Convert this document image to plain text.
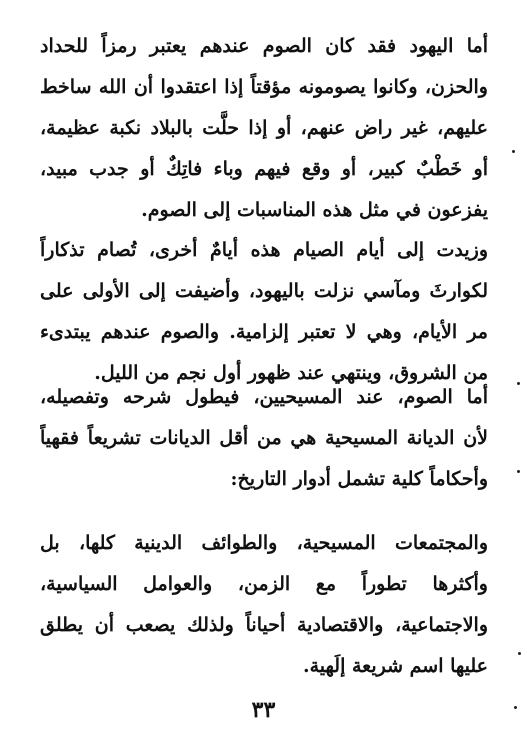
أما اليهود فقد كان الصوم عندهم يعتبر رمزاً للحداد
والحزن، وكانوا يصومونه مؤقتاً إذا اعتقدوا أن الله ساخط
عليهم، غير راض عنهم، أو إذا حلَّت بالبلاد نكبة عظيمة،
أو خَطْبٌ كبير، أو وقع فيهم وباء فاتِكٌ أو جدب مبيد،
يفزعون في مثل هذه المناسبات إلى الصوم.
وزيدت إلى أيام الصيام هذه أيامٌ أخرى، تُصام تذكاراً
لكوارثَ ومآسي نزلت باليهود، وأضيفت إلى الأولى على
مر الأيام، وهي لا تعتبر إلزامية. والصوم عندهم يبتدىء
من الشروق، وينتهي عند ظهور أول نجم من الليل.
أما الصوم، عند المسيحيين، فيطول شرحه وتفصيله،
لأن الديانة المسيحية هي من أقل الديانات تشريعاً فقهياً
وأحكاماً كلية تشمل أدوار التاريخ:
والمجتمعات المسيحية، والطوائف الدينية كلها، بل
وأكثرها تطوراً مع الزمن، والعوامل السياسية،
والاجتماعية، والاقتصادية أحياناً ولذلك يصعب أن يطلق
عليها اسم شريعة إلَهية.
٣٣
